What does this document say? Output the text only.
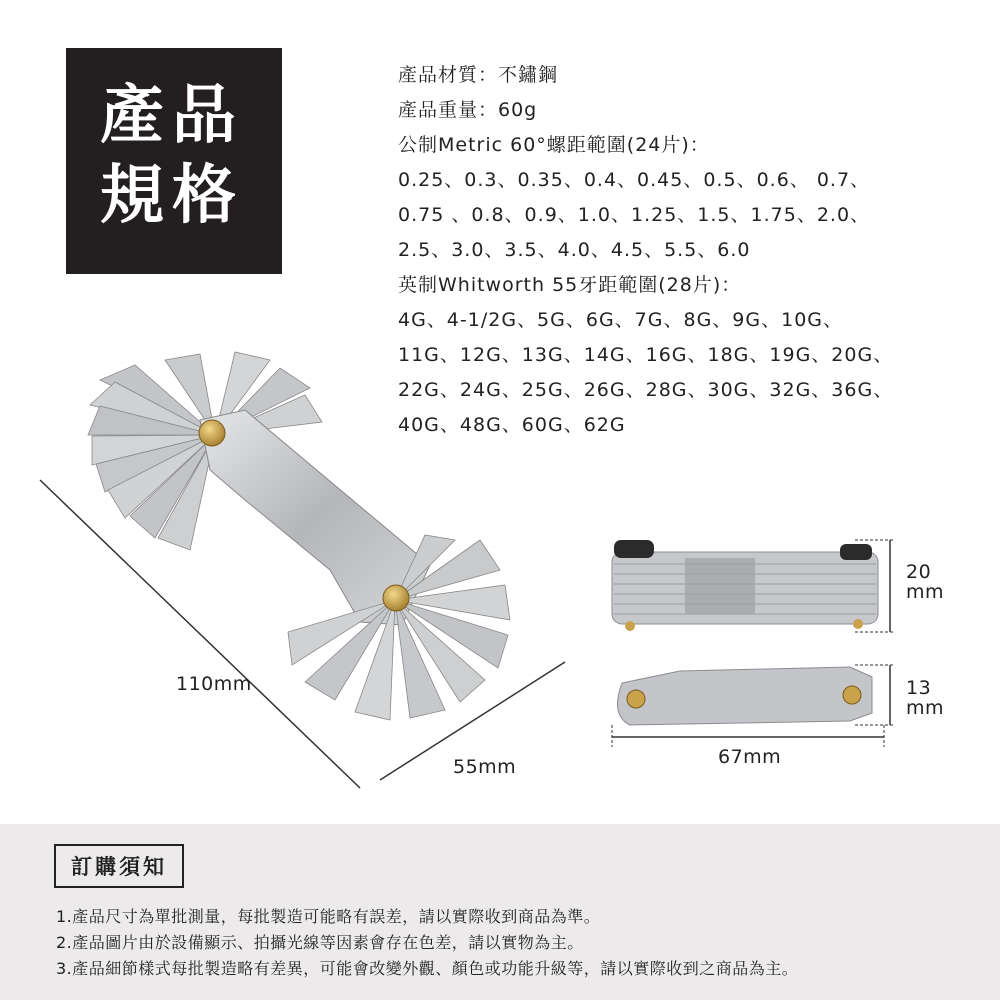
產品
規格
產品材質：不鏽鋼
產品重量：60g
公制Metric 60°螺距範圍(24片)：
0.25、0.3、0.35、0.4、0.45、0.5、0.6、 0.7、
0.75 、0.8、0.9、1.0、1.25、1.5、1.75、2.0、
2.5、3.0、3.5、4.0、4.5、5.5、6.0
英制Whitworth 55牙距範圍(28片)：
4G、4-1/2G、5G、6G、7G、8G、9G、10G、
11G、12G、13G、14G、16G、18G、19G、20G、
22G、24G、25G、26G、28G、30G、32G、36G、
40G、48G、60G、62G
110mm
55mm
20
mm
13
mm
67mm
訂購須知
1.產品尺寸為單批測量，每批製造可能略有誤差，請以實際收到商品為準。
2.產品圖片由於設備顯示、拍攝光線等因素會存在色差，請以實物為主。
3.產品細節樣式每批製造略有差異，可能會改變外觀、顏色或功能升級等，請以實際收到之商品為主。
